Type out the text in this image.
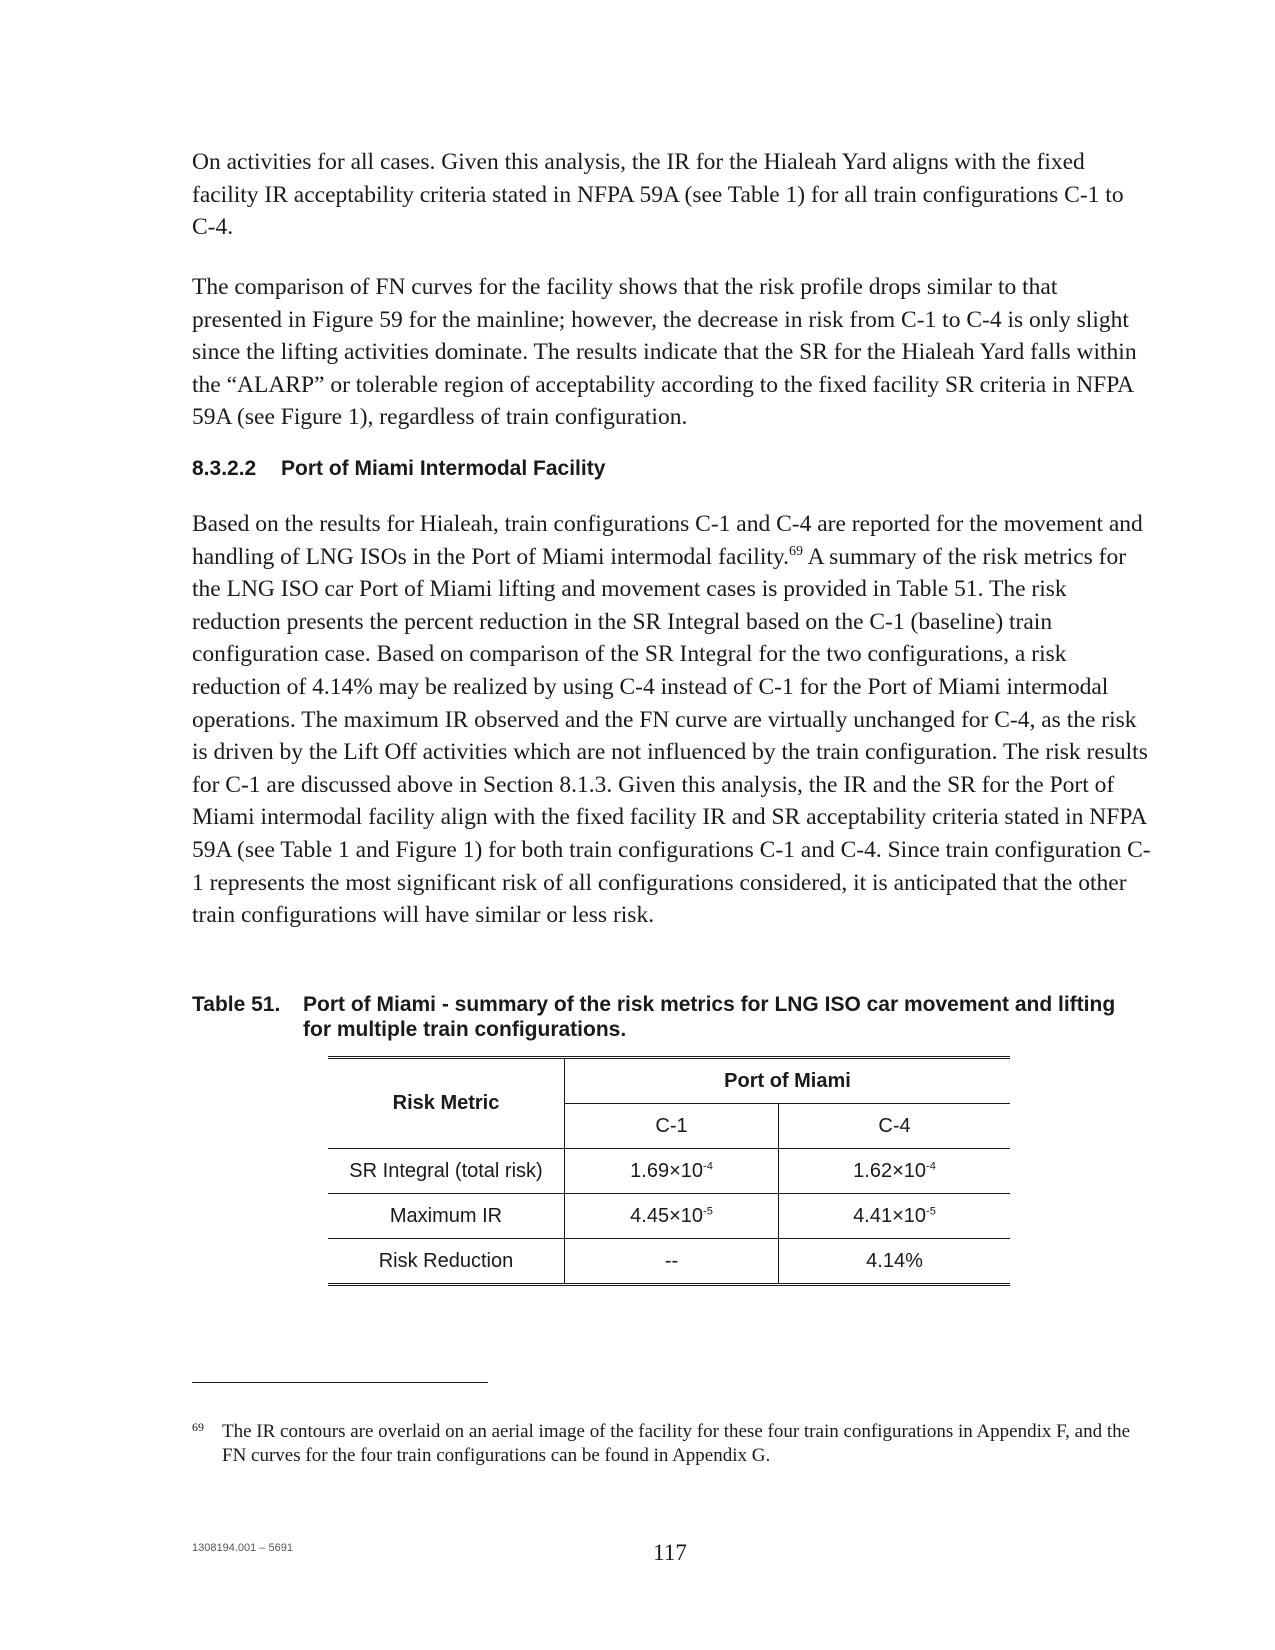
On activities for all cases. Given this analysis, the IR for the Hialeah Yard aligns with the fixed facility IR acceptability criteria stated in NFPA 59A (see Table 1) for all train configurations C-1 to C-4.

The comparison of FN curves for the facility shows that the risk profile drops similar to that presented in Figure 59 for the mainline; however, the decrease in risk from C-1 to C-4 is only slight since the lifting activities dominate. The results indicate that the SR for the Hialeah Yard falls within the “ALARP” or tolerable region of acceptability according to the fixed facility SR criteria in NFPA 59A (see Figure 1), regardless of train configuration.

8.3.2.2 Port of Miami Intermodal Facility

Based on the results for Hialeah, train configurations C-1 and C-4 are reported for the movement and handling of LNG ISOs in the Port of Miami intermodal facility.$^{69}$ A summary of the risk metrics for the LNG ISO car Port of Miami lifting and movement cases is provided in Table 51. The risk reduction presents the percent reduction in the SR Integral based on the C-1 (baseline) train configuration case. Based on comparison of the SR Integral for the two configurations, a risk reduction of 4.14% may be realized by using C-4 instead of C-1 for the Port of Miami intermodal operations. The maximum IR observed and the FN curve are virtually unchanged for C-4, as the risk is driven by the Lift Off activities which are not influenced by the train configuration. The risk results for C-1 are discussed above in Section 8.1.3. Given this analysis, the IR and the SR for the Port of Miami intermodal facility align with the fixed facility IR and SR acceptability criteria stated in NFPA 59A (see Table 1 and Figure 1) for both train configurations C-1 and C-4. Since train configuration C-1 represents the most significant risk of all configurations considered, it is anticipated that the other train configurations will have similar or less risk.

Table 51. Port of Miami - summary of the risk metrics for LNG ISO car movement and lifting for multiple train configurations.
Risk Metric	Port of Miami	
	C-1	C-4
SR Integral (total risk)	$1.69\times 10^{-4}$	$1.62\times 10^{-4}$
Maximum IR	$4.45\times 10^{-5}$	$4.41\times 10^{-5}$
Risk Reduction	--	4.14%
69 The IR contours are overlaid on an aerial image of the facility for these four train configurations in Appendix F, and the FN curves for the four train configurations can be found in Appendix G.
1308194.001 – 5691	117
